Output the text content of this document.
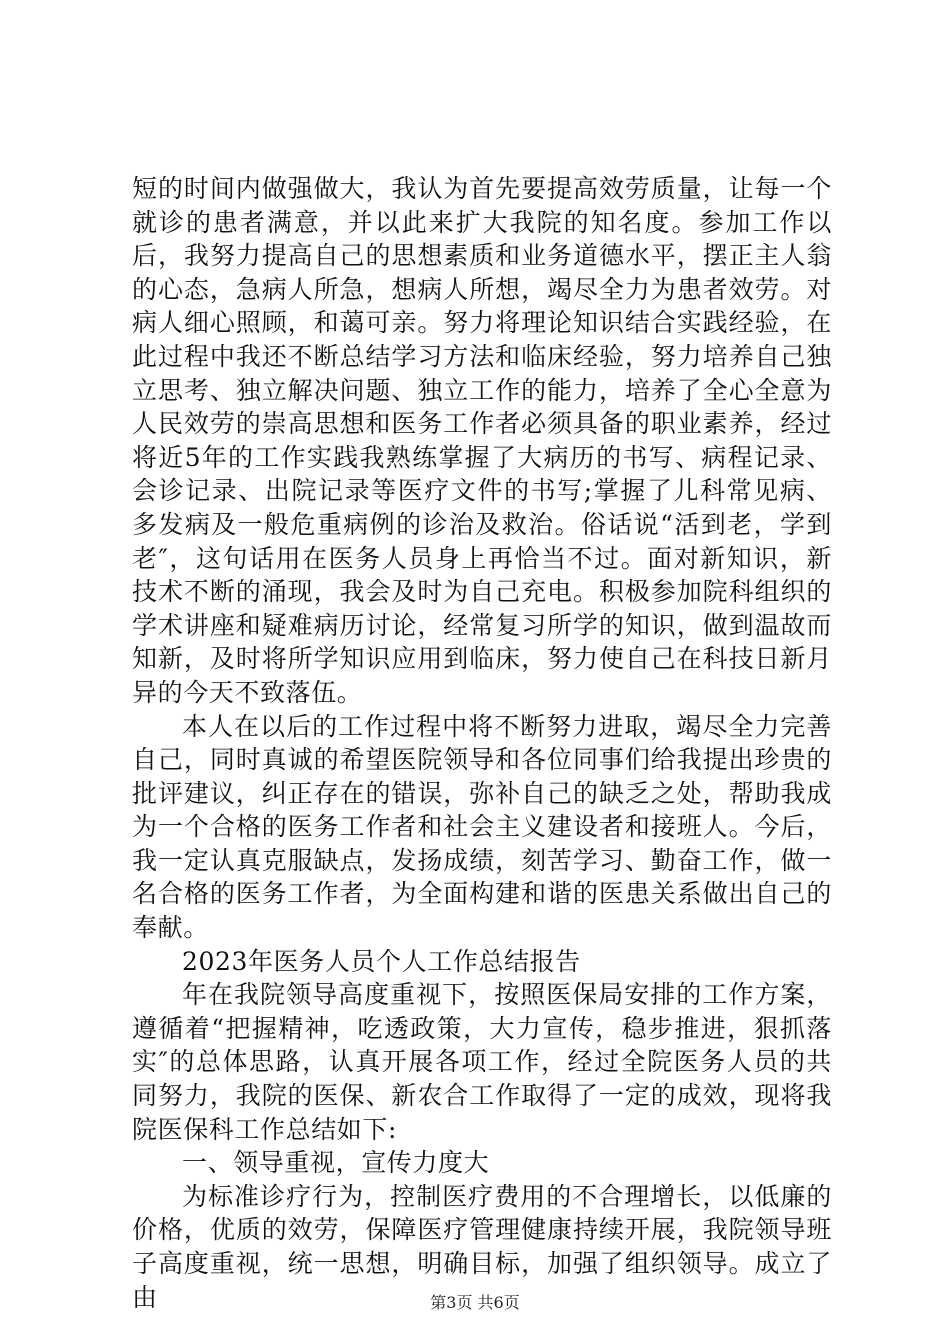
短的时间内做强做大，我认为首先要提高效劳质量，让每一个就诊的患者满意，并以此来扩大我院的知名度。参加工作以后，我努力提高自己的思想素质和业务道德水平，摆正主人翁的心态，急病人所急，想病人所想，竭尽全力为患者效劳。对病人细心照顾，和蔼可亲。努力将理论知识结合实践经验，在此过程中我还不断总结学习方法和临床经验，努力培养自己独立思考、独立解决问题、独立工作的能力，培养了全心全意为人民效劳的崇高思想和医务工作者必须具备的职业素养，经过将近5年的工作实践我熟练掌握了大病历的书写、病程记录、会诊记录、出院记录等医疗文件的书写;掌握了儿科常见病、多发病及一般危重病例的诊治及救治。俗话说“活到老，学到老″，这句话用在医务人员身上再恰当不过。面对新知识，新技术不断的涌现，我会及时为自己充电。积极参加院科组织的学术讲座和疑难病历讨论，经常复习所学的知识，做到温故而知新，及时将所学知识应用到临床，努力使自己在科技日新月异的今天不致落伍。

本人在以后的工作过程中将不断努力进取，竭尽全力完善自己，同时真诚的希望医院领导和各位同事们给我提出珍贵的批评建议，纠正存在的错误，弥补自己的缺乏之处，帮助我成为一个合格的医务工作者和社会主义建设者和接班人。今后，我一定认真克服缺点，发扬成绩，刻苦学习、勤奋工作，做一名合格的医务工作者，为全面构建和谐的医患关系做出自己的奉献。

2023年医务人员个人工作总结报告

年在我院领导高度重视下，按照医保局安排的工作方案，遵循着“把握精神，吃透政策，大力宣传，稳步推进，狠抓落实″的总体思路，认真开展各项工作，经过全院医务人员的共同努力，我院的医保、新农合工作取得了一定的成效，现将我院医保科工作总结如下:

一、领导重视，宣传力度大

为标准诊疗行为，控制医疗费用的不合理增长，以低廉的价格，优质的效劳，保障医疗管理健康持续开展，我院领导班子高度重视，统一思想，明确目标，加强了组织领导。成立了由	第3页 共6页
